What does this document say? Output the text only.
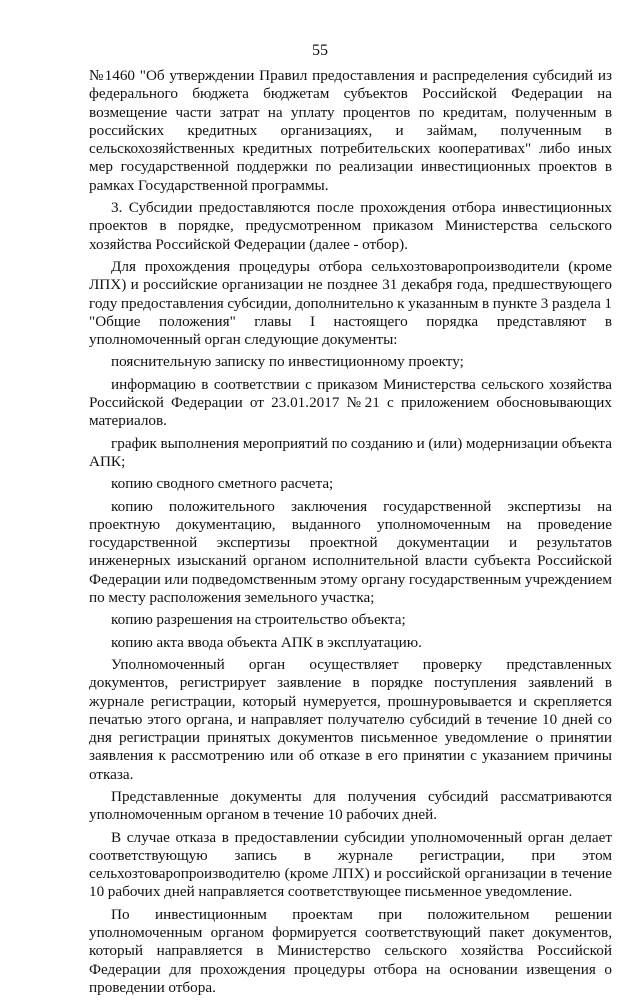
55

№1460 "Об утверждении Правил предоставления и распределения субсидий из федерального бюджета бюджетам субъектов Российской Федерации на возмещение части затрат на уплату процентов по кредитам, полученным в российских кредитных организациях, и займам, полученным в сельскохозяйственных кредитных потребительских кооперативах" либо иных мер государственной поддержки по реализации инвестиционных проектов в рамках Государственной программы.

3. Субсидии предоставляются после прохождения отбора инвестиционных проектов в порядке, предусмотренном приказом Министерства сельского хозяйства Российской Федерации (далее - отбор).

Для прохождения процедуры отбора сельхозтоваропроизводители (кроме ЛПХ) и российские организации не позднее 31 декабря года, предшествующего году предоставления субсидии, дополнительно к указанным в пункте 3 раздела 1 "Общие положения" главы I настоящего порядка представляют в уполномоченный орган следующие документы:

пояснительную записку по инвестиционному проекту;

информацию в соответствии с приказом Министерства сельского хозяйства Российской Федерации от 23.01.2017 №21 с приложением обосновывающих материалов.

график выполнения мероприятий по созданию и (или) модернизации объекта АПК;

копию сводного сметного расчета;

копию положительного заключения государственной экспертизы на проектную документацию, выданного уполномоченным на проведение государственной экспертизы проектной документации и результатов инженерных изысканий органом исполнительной власти субъекта Российской Федерации или подведомственным этому органу государственным учреждением по месту расположения земельного участка;

копию разрешения на строительство объекта;

копию акта ввода объекта АПК в эксплуатацию.

Уполномоченный орган осуществляет проверку представленных документов, регистрирует заявление в порядке поступления заявлений в журнале регистрации, который нумеруется, прошнуровывается и скрепляется печатью этого органа, и направляет получателю субсидий в течение 10 дней со дня регистрации принятых документов письменное уведомление о принятии заявления к рассмотрению или об отказе в его принятии с указанием причины отказа.

Представленные документы для получения субсидий рассматриваются уполномоченным органом в течение 10 рабочих дней.

В случае отказа в предоставлении субсидии уполномоченный орган делает соответствующую запись в журнале регистрации, при этом сельхозтоваропроизводителю (кроме ЛПХ) и российской организации в течение 10 рабочих дней направляется соответствующее письменное уведомление.

По инвестиционным проектам при положительном решении уполномоченным органом формируется соответствующий пакет документов, который направляется в Министерство сельского хозяйства Российской Федерации для прохождения процедуры отбора на основании извещения о проведении отбора.
